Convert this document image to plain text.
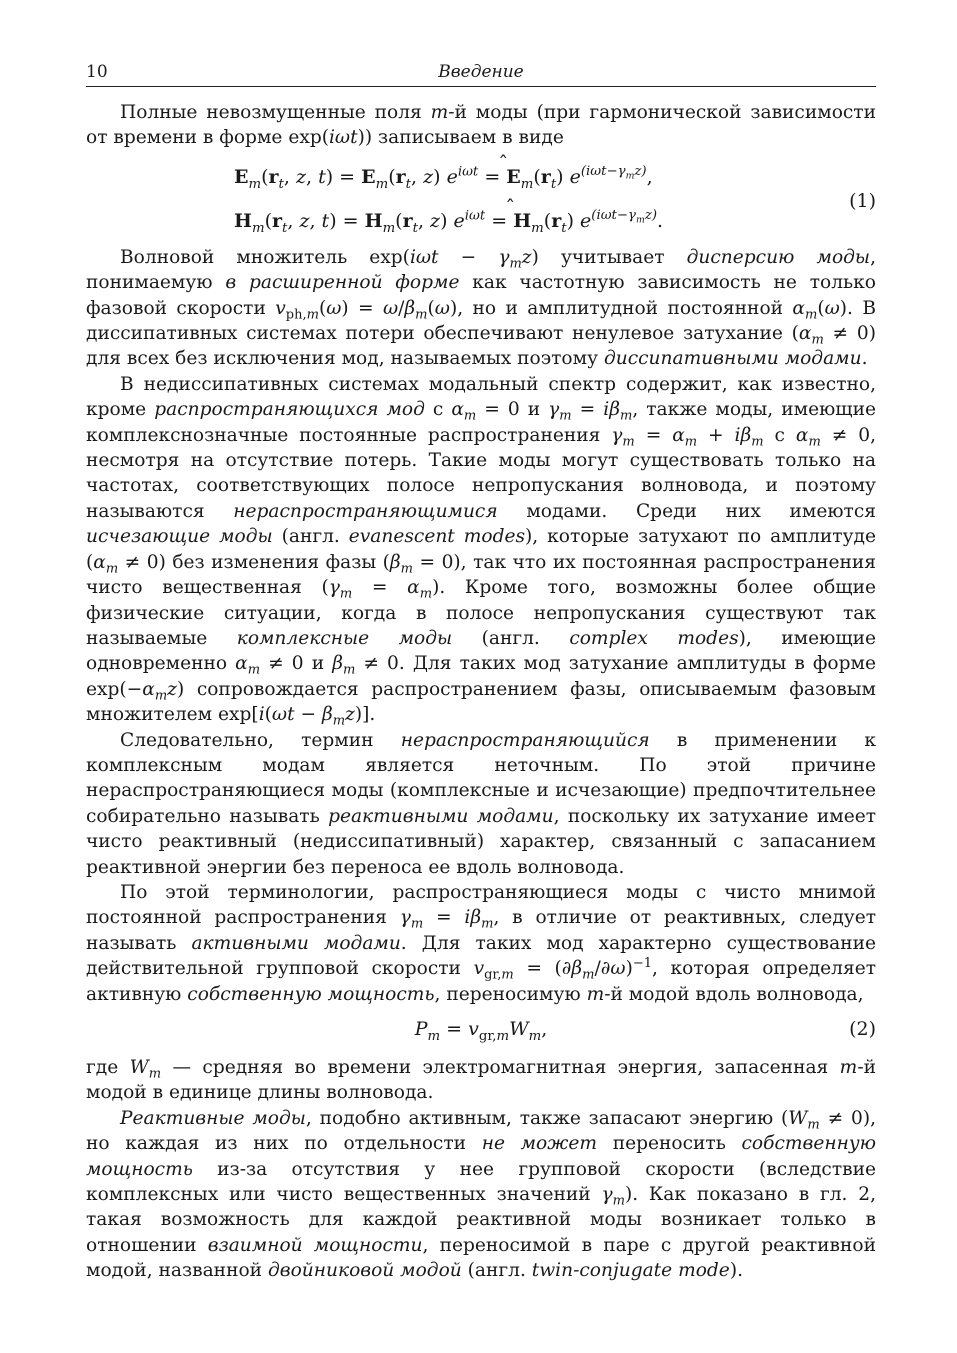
10	Введение

Полные невозмущенные поля m-й моды (при гармонической зависимости от времени в форме exp(iωt)) записываем в виде

$E_m(r_t$, z, $t) = E_m(r_t$, z) $e^{i\omega t}$ = ̂ $E_m(r_t)$ $e^{(i\omega t-\gamma_mz)}$,
$H_m(r_t$, z, $t) = H_m(r_t$, z) $e^{i\omega t}$ = ̂ $H_m(r_t)$ $e^{(i\omega t-\gamma_mz)}$.
(1)

Волновой множитель $\exp(i\omega t - \gamma_mz)$ учитывает дисперсию моды, понимаемую в расширенной форме как частотную зависимость не только фазовой скорости $v_{ph,m}(\omega) = \omega/\beta_m(\omega)$, но и амплитудной постоянной $\alpha_m(\omega)$. В диссипативных системах потери обеспечивают ненулевое затухание $(\alpha_m \ne 0)$ для всех без исключения мод, называемых поэтому диссипативными модами.

В недиссипативных системах модальный спектр содержит, как известно, кроме распространяющихся мод с $\alpha_m = 0$ и $\gamma_m = i\beta_m$, также моды, имеющие комплекснозначные постоянные распространения $\gamma_m = \alpha_m + i\beta_m$ с $\alpha_m \ne 0$, несмотря на отсутствие потерь. Такие моды могут существовать только на частотах, соответствующих полосе непропускания волновода, и поэтому называются нераспространяющимися модами. Среди них имеются исчезающие моды (англ. evanescent modes), которые затухают по амплитуде $(\alpha_m \ne 0)$ без изменения фазы $(\beta_m = 0)$, так что их постоянная распространения чисто вещественная $(\gamma_m = \alpha_m)$. Кроме того, возможны более общие физические ситуации, когда в полосе непропускания существуют так называемые комплексные моды (англ. complex modes), имеющие одновременно $\alpha_m \ne 0$ и $\beta_m \ne 0$. Для таких мод затухание амплитуды в форме $\exp(-\alpha_mz)$ сопровождается распространением фазы, описываемым фазовым множителем $\exp[i(\omega t - \beta_mz)]$.

Следовательно, термин нераспространяющийся в применении к комплексным модам является неточным. По этой причине нераспространяющиеся моды (комплексные и исчезающие) предпочтительнее собирательно называть реактивными модами, поскольку их затухание имеет чисто реактивный (недиссипативный) характер, связанный с запасанием реактивной энергии без переноса ее вдоль волновода.

По этой терминологии, распространяющиеся моды с чисто мнимой постоянной распространения $\gamma_m = i\beta_m$, в отличие от реактивных, следует называть активными модами. Для таких мод характерно существование действительной групповой скорости $v_{gr,m} = (\partial\beta_m/\partial\omega)^{-1}$, которая определяет активную собственную мощность, переносимую m-й модой вдоль волновода,

$P_m = v_{gr,m}W_m$,	(2)

где $W_m$ — средняя во времени электромагнитная энергия, запасенная m-й модой в единице длины волновода.

Реактивные моды, подобно активным, также запасают энергию $(W_m \ne 0)$, но каждая из них по отдельности не может переносить собственную мощность из-за отсутствия у нее групповой скорости (вследствие комплексных или чисто вещественных значений $\gamma_m$). Как показано в гл. 2, такая возможность для каждой реактивной моды возникает только в отношении взаимной мощности, переносимой в паре с другой реактивной модой, названной двойниковой модой (англ. twin-conjugate mode).
